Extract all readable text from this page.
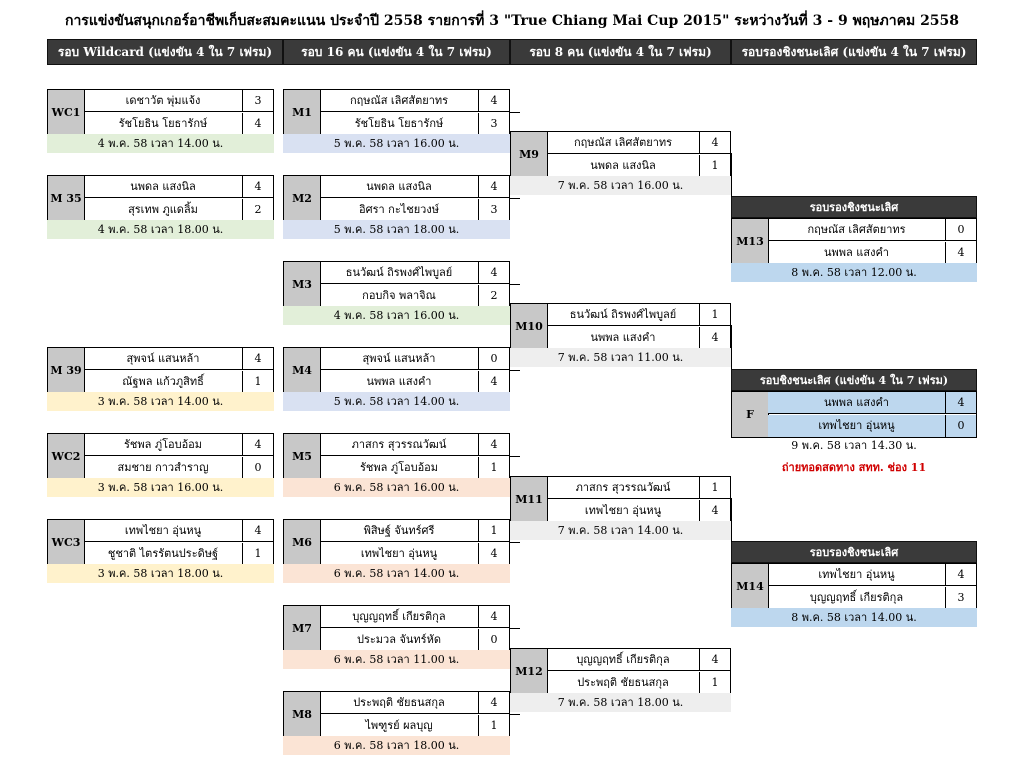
การแข่งขันสนุกเกอร์อาชีพเก็บสะสมคะแนน ประจำปี 2558 รายการที่ 3 "True Chiang Mai Cup 2015" ระหว่างวันที่ 3 - 9 พฤษภาคม 2558
รอบ Wildcard (แข่งขัน 4 ใน 7 เฟรม)	รอบ 16 คน (แข่งขัน 4 ใน 7 เฟรม)	รอบ 8 คน (แข่งขัน 4 ใน 7 เฟรม)	รอบรองชิงชนะเลิศ (แข่งขัน 4 ใน 7 เฟรม)
WC1
เดชาวัต พุ่มแจ้ง	3
รัชโยธิน โยธารักษ์	4
4 พ.ค. 58 เวลา 14.00 น.
M 35
นพดล แสงนิล	4
สุรเทพ ภูแดลิ้ม	2
4 พ.ค. 58 เวลา 18.00 น.
M 39
สุพจน์ แสนหล้า	4
ณัฐพล แก้วภูสิทธิ์	1
3 พ.ค. 58 เวลา 14.00 น.
WC2
รัชพล ภู่โอบอ้อม	4
สมชาย กาวสำราญ	0
3 พ.ค. 58 เวลา 16.00 น.
WC3
เทพไชยา อุ่นหนู	4
ชูชาติ ไตรรัตนประดิษฐ์	1
3 พ.ค. 58 เวลา 18.00 น.
M1
กฤษณัส เลิศสัตยาทร	4
รัชโยธิน โยธารักษ์	3
5 พ.ค. 58 เวลา 16.00 น.
M2
นพดล แสงนิล	4
อิศรา กะไชยวงษ์	3
5 พ.ค. 58 เวลา 18.00 น.
M3
ธนวัฒน์ ถิรพงศ์ไพบูลย์	4
กอบกิจ พลาจิณ	2
4 พ.ค. 58 เวลา 16.00 น.
M4
สุพจน์ แสนหล้า	0
นพพล แสงคำ	4
5 พ.ค. 58 เวลา 14.00 น.
M5
ภาสกร สุวรรณวัฒน์	4
รัชพล ภู่โอบอ้อม	1
6 พ.ค. 58 เวลา 16.00 น.
M6
พิสิษฐ์ จันทร์ศรี	1
เทพไชยา อุ่นหนู	4
6 พ.ค. 58 เวลา 14.00 น.
M7
บุญญฤทธิ์ เกียรติกุล	4
ประมวล จันทร์หัด	0
6 พ.ค. 58 เวลา 11.00 น.
M8
ประพฤติ ชัยธนสกุล	4
ไพฑูรย์ ผลบุญ	1
6 พ.ค. 58 เวลา 18.00 น.
M9
กฤษณัส เลิศสัตยาทร	4
นพดล แสงนิล	1
7 พ.ค. 58 เวลา 16.00 น.
M10
ธนวัฒน์ ถิรพงศ์ไพบูลย์	1
นพพล แสงคำ	4
7 พ.ค. 58 เวลา 11.00 น.
M11
ภาสกร สุวรรณวัฒน์	1
เทพไชยา อุ่นหนู	4
7 พ.ค. 58 เวลา 14.00 น.
M12
บุญญฤทธิ์ เกียรติกุล	4
ประพฤติ ชัยธนสกุล	1
7 พ.ค. 58 เวลา 18.00 น.
รอบรองชิงชนะเลิศ
M13
กฤษณัส เลิศสัตยาทร	0
นพพล แสงคำ	4
8 พ.ค. 58 เวลา 12.00 น.
รอบชิงชนะเลิศ (แข่งขัน 4 ใน 7 เฟรม)
F
นพพล แสงคำ	4
เทพไชยา อุ่นหนู	0
9 พ.ค. 58 เวลา 14.30 น.
ถ่ายทอดสดทาง สทท. ช่อง 11
รอบรองชิงชนะเลิศ
M14
เทพไชยา อุ่นหนู	4
บุญญฤทธิ์ เกียรติกุล	3
8 พ.ค. 58 เวลา 14.00 น.
